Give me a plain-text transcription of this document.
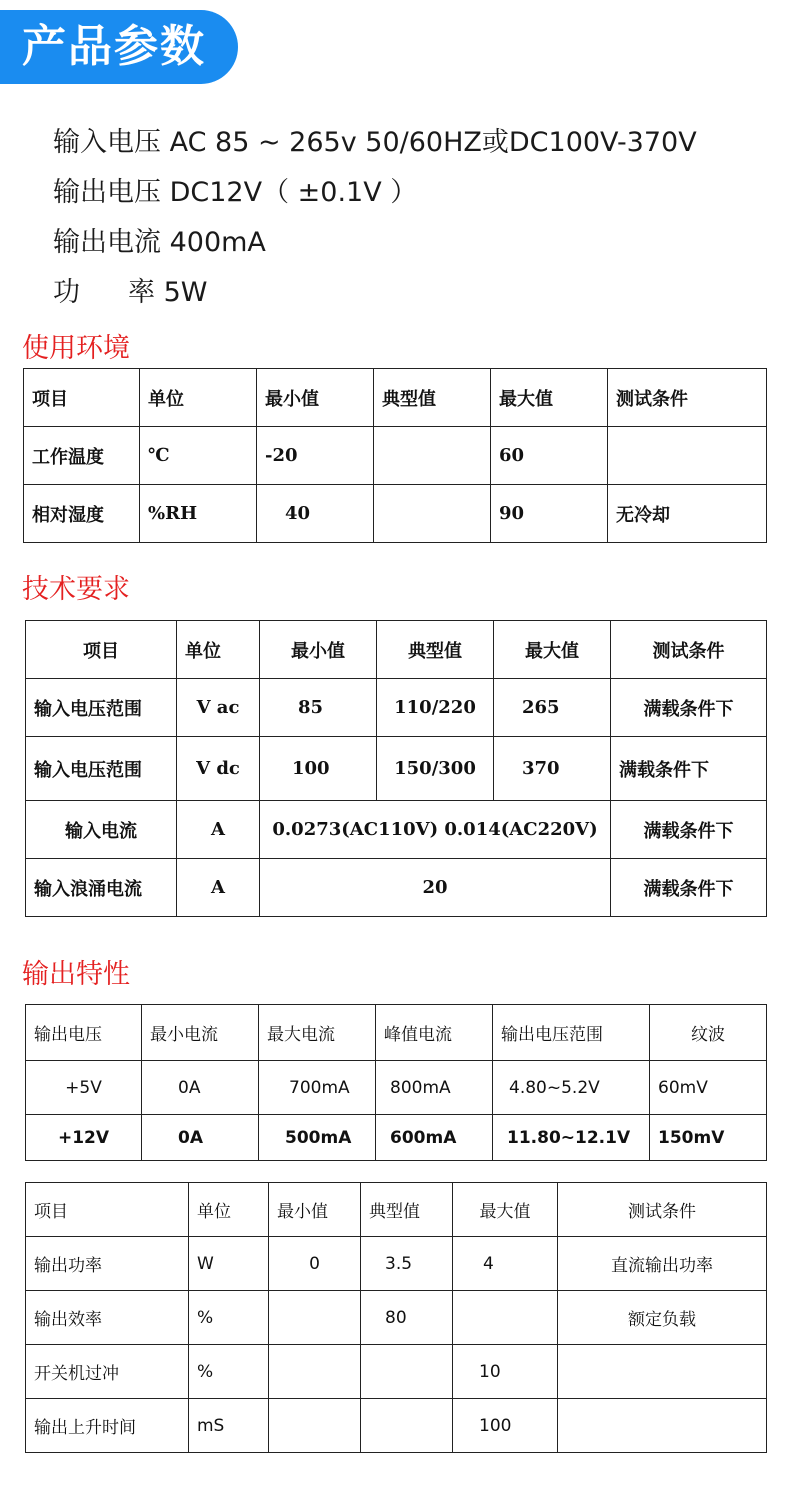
产品参数
输入电压 AC 85 ~ 265v 50/60HZ或DC100V-370V
输出电压 DC12V（ ±0.1V ）
输出电流 400mA
功 率 5W
使用环境
项目	单位	最小值	典型值	最大值	测试条件
工作温度	℃	-20		60	
相对湿度	%RH	40		90	无冷却
技术要求
项目	单位	最小值	典型值	最大值	测试条件
输入电压范围	V ac	85	110/220	265	满载条件下
输入电压范围	V dc	100	150/300	370	满载条件下
输入电流	A	0.0273(AC110V) 0.014(AC220V)			满载条件下
输入浪涌电流	A	20			满载条件下
输出特性
输出电压	最小电流	最大电流	峰值电流	输出电压范围	纹波
+5V	0A	700mA	800mA	4.80~5.2V	60mV
+12V	0A	500mA	600mA	11.80~12.1V	150mV
项目	单位	最小值	典型值	最大值	测试条件
输出功率	W	0	3.5	4	直流输出功率
输出效率	%		80		额定负载
开关机过冲	%			10	
输出上升时间	mS			100	
